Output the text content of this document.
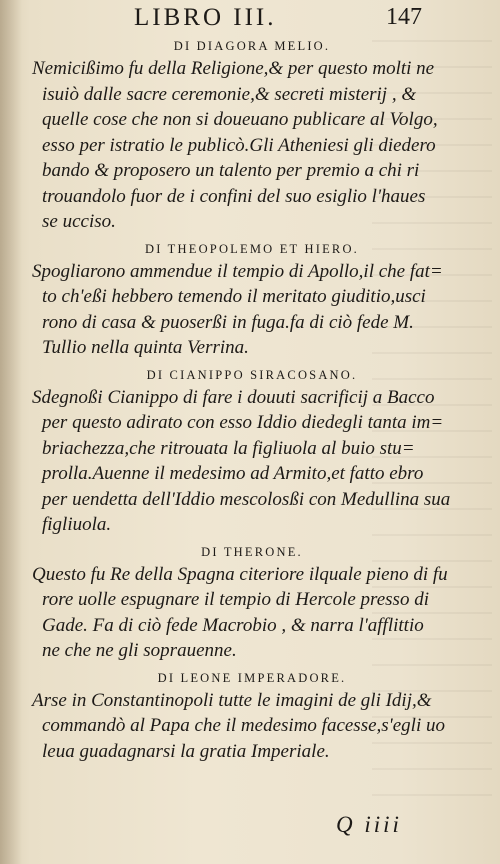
LIBRO III.	147
DI DIAGORA MELIO.
Nemicißimo fu della Religione,& per questo molti ne
isuiò dalle sacre ceremonie,& secreti misterij , &
quelle cose che non si doueuano publicare al Volgo,
esso per istratio le publicò.Gli Atheniesi gli diedero
bando & proposero un talento per premio a chi ri
trouandolo fuor de i confini del suo esiglio l'haues
se ucciso.
DI THEOPOLEMO ET HIERO.
Spogliarono ammendue il tempio di Apollo,il che fat=
to ch'eßi hebbero temendo il meritato giuditio,usci
rono di casa & puoserßi in fuga.fa di ciò fede M.
Tullio nella quinta Verrina.
DI CIANIPPO SIRACOSANO.
Sdegnoßi Cianippo di fare i douuti sacrificij a Bacco
per questo adirato con esso Iddio diedegli tanta im=
briachezza,che ritrouata la figliuola al buio stu=
prolla.Auenne il medesimo ad Armito,et fatto ebro
per uendetta dell'Iddio mescolosßi con Medullina sua
figliuola.
DI THERONE.
Questo fu Re della Spagna citeriore ilquale pieno di fu
rore uolle espugnare il tempio di Hercole presso di
Gade. Fa di ciò fede Macrobio , & narra l'afflittio
ne che ne gli soprauenne.
DI LEONE IMPERADORE.
Arse in Constantinopoli tutte le imagini de gli Idij,&
commandò al Papa che il medesimo facesse,s'egli uo
leua guadagnarsi la gratia Imperiale.
Q iiii
